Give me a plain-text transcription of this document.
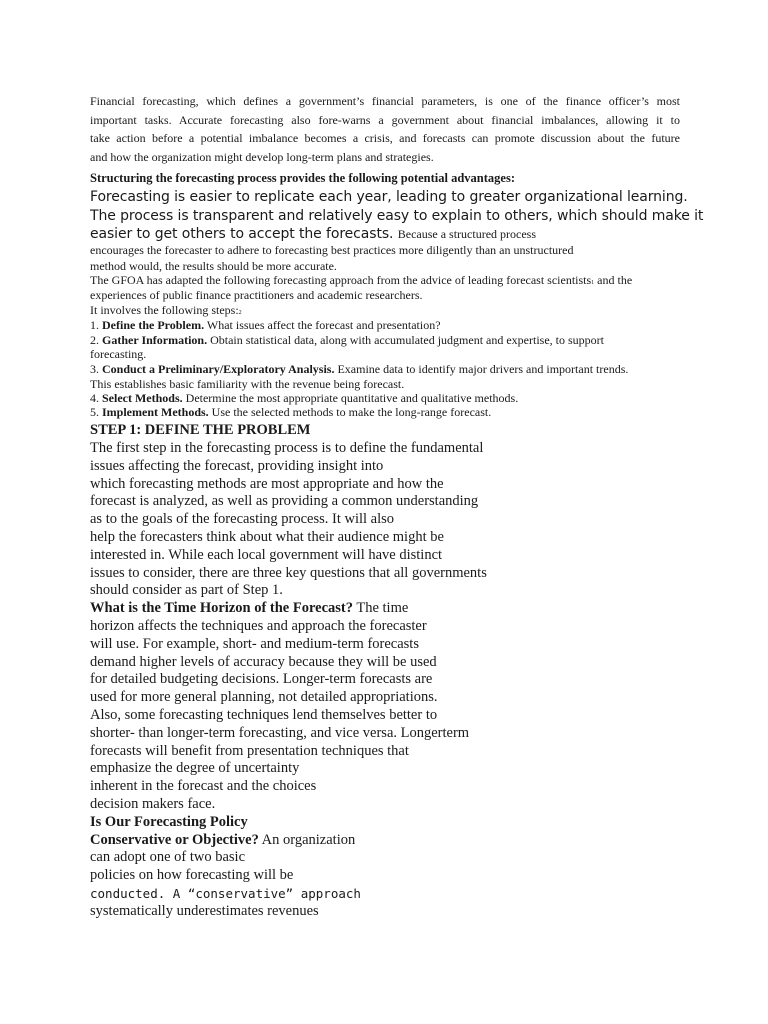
Financial forecasting, which defines a government’s financial parameters, is one of the finance officer’s most
important tasks. Accurate forecasting also fore-warns a government about financial imbalances, allowing it to
take action before a potential imbalance becomes a crisis, and forecasts can promote discussion about the future
and how the organization might develop long-term plans and strategies.
Structuring the forecasting process provides the following potential advantages:
Forecasting is easier to replicate each year, leading to greater organizational learning.
The process is transparent and relatively easy to explain to others, which should make it
easier to get others to accept the forecasts. Because a structured process
encourages the forecaster to adhere to forecasting best practices more diligently than an unstructured
method would, the results should be more accurate.
The GFOA has adapted the following forecasting approach from the advice of leading forecast scientists1 and the
experiences of public finance practitioners and academic researchers.
It involves the following steps:2
1. Define the Problem. What issues affect the forecast and presentation?
2. Gather Information. Obtain statistical data, along with accumulated judgment and expertise, to support
forecasting.
3. Conduct a Preliminary/Exploratory Analysis. Examine data to identify major drivers and important trends.
This establishes basic familiarity with the revenue being forecast.
4. Select Methods. Determine the most appropriate quantitative and qualitative methods.
5. Implement Methods. Use the selected methods to make the long-range forecast.
STEP 1: DEFINE THE PROBLEM
The first step in the forecasting process is to define the fundamental
issues affecting the forecast, providing insight into
which forecasting methods are most appropriate and how the
forecast is analyzed, as well as providing a common understanding
as to the goals of the forecasting process. It will also
help the forecasters think about what their audience might be
interested in. While each local government will have distinct
issues to consider, there are three key questions that all governments
should consider as part of Step 1.
What is the Time Horizon of the Forecast? The time
horizon affects the techniques and approach the forecaster
will use. For example, short- and medium-term forecasts
demand higher levels of accuracy because they will be used
for detailed budgeting decisions. Longer-term forecasts are
used for more general planning, not detailed appropriations.
Also, some forecasting techniques lend themselves better to
shorter- than longer-term forecasting, and vice versa. Longerterm
forecasts will benefit from presentation techniques that
emphasize the degree of uncertainty
inherent in the forecast and the choices
decision makers face.
Is Our Forecasting Policy
Conservative or Objective? An organization
can adopt one of two basic
policies on how forecasting will be
conducted. A “conservative” approach
systematically underestimates revenues
